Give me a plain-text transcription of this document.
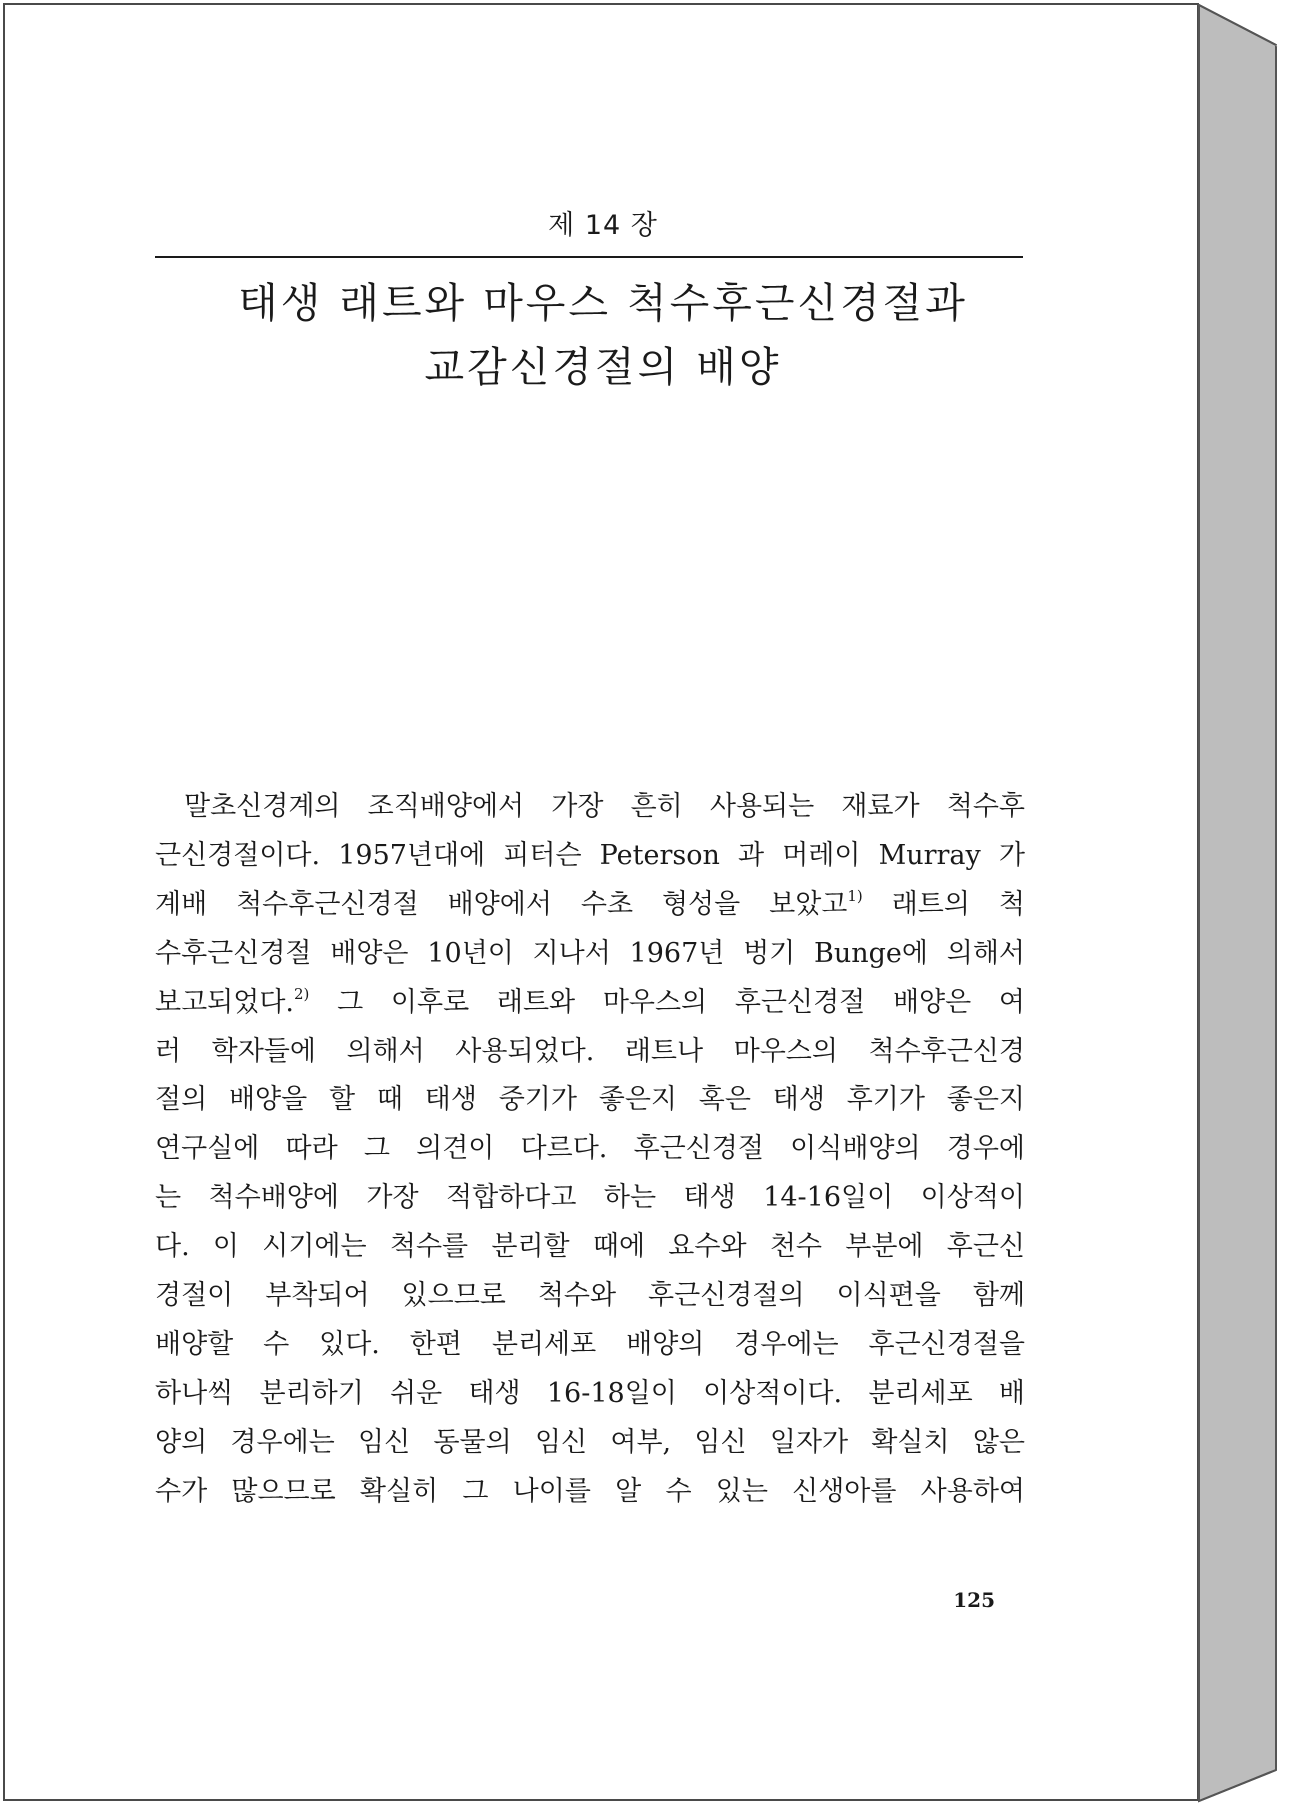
제 14 장
태생 래트와 마우스 척수후근신경절과
교감신경절의 배양
말초신경계의 조직배양에서 가장 흔히 사용되는 재료가 척수후
근신경절이다. 1957년대에 피터슨 Peterson 과 머레이 Murray 가
계배 척수후근신경절 배양에서 수초 형성을 보았고$^{1)}$ 래트의 척
수후근신경절 배양은 10년이 지나서 1967년 벙기 Bunge에 의해서
보고되었다.$^{2)}$ 그 이후로 래트와 마우스의 후근신경절 배양은 여
러 학자들에 의해서 사용되었다. 래트나 마우스의 척수후근신경
절의 배양을 할 때 태생 중기가 좋은지 혹은 태생 후기가 좋은지
연구실에 따라 그 의견이 다르다. 후근신경절 이식배양의 경우에
는 척수배양에 가장 적합하다고 하는 태생 14-16일이 이상적이
다. 이 시기에는 척수를 분리할 때에 요수와 천수 부분에 후근신
경절이 부착되어 있으므로 척수와 후근신경절의 이식편을 함께
배양할 수 있다. 한편 분리세포 배양의 경우에는 후근신경절을
하나씩 분리하기 쉬운 태생 16-18일이 이상적이다. 분리세포 배
양의 경우에는 임신 동물의 임신 여부, 임신 일자가 확실치 않은
수가 많으므로 확실히 그 나이를 알 수 있는 신생아를 사용하여
125
